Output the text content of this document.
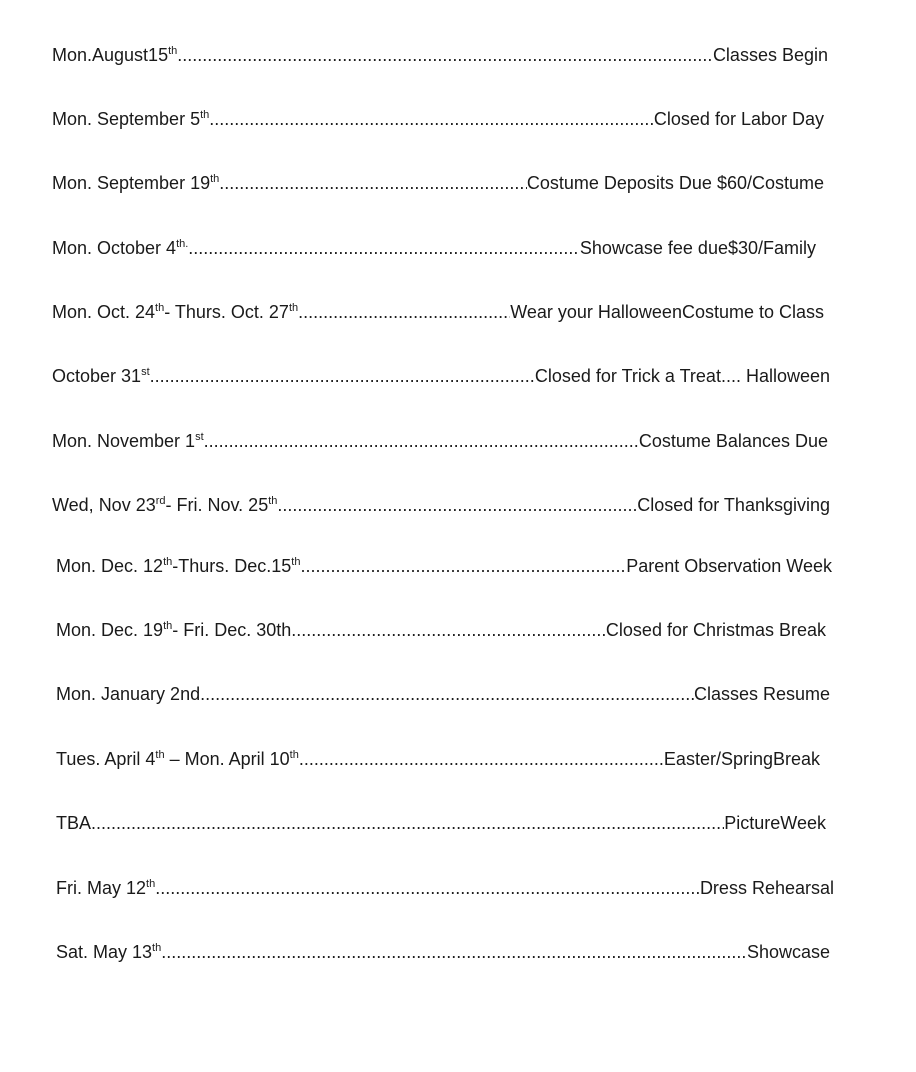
Mon.August15th .....	Classes Begin
Mon. September 5th .....	Closed for Labor Day
Mon. September 19th .....	Costume Deposits Due $60/Costume
Mon. October $4^{th.}$ .....	Showcase fee due$30/Family
Mon. Oct. 24th- Thurs. Oct. 27th .....	Wear your HalloweenCostume to Class
October 31st .....	Closed for Trick a Treat.... Halloween
Mon. November 1st .....	Costume Balances Due
Wed, Nov 23rd- Fri. Nov. 25th .....	Closed for Thanksgiving
Mon. Dec. 12th-Thurs. Dec.15th .....	Parent Observation Week
Mon. Dec. 19th- Fri. Dec. 30th .....	Closed for Christmas Break
Mon. January 2nd .....	Classes Resume
Tues. April 4th – Mon. April 10th .....	Easter/SpringBreak
TBA .....	PictureWeek
Fri. May 12th .....	Dress Rehearsal
Sat. May 13th .....	Showcase
